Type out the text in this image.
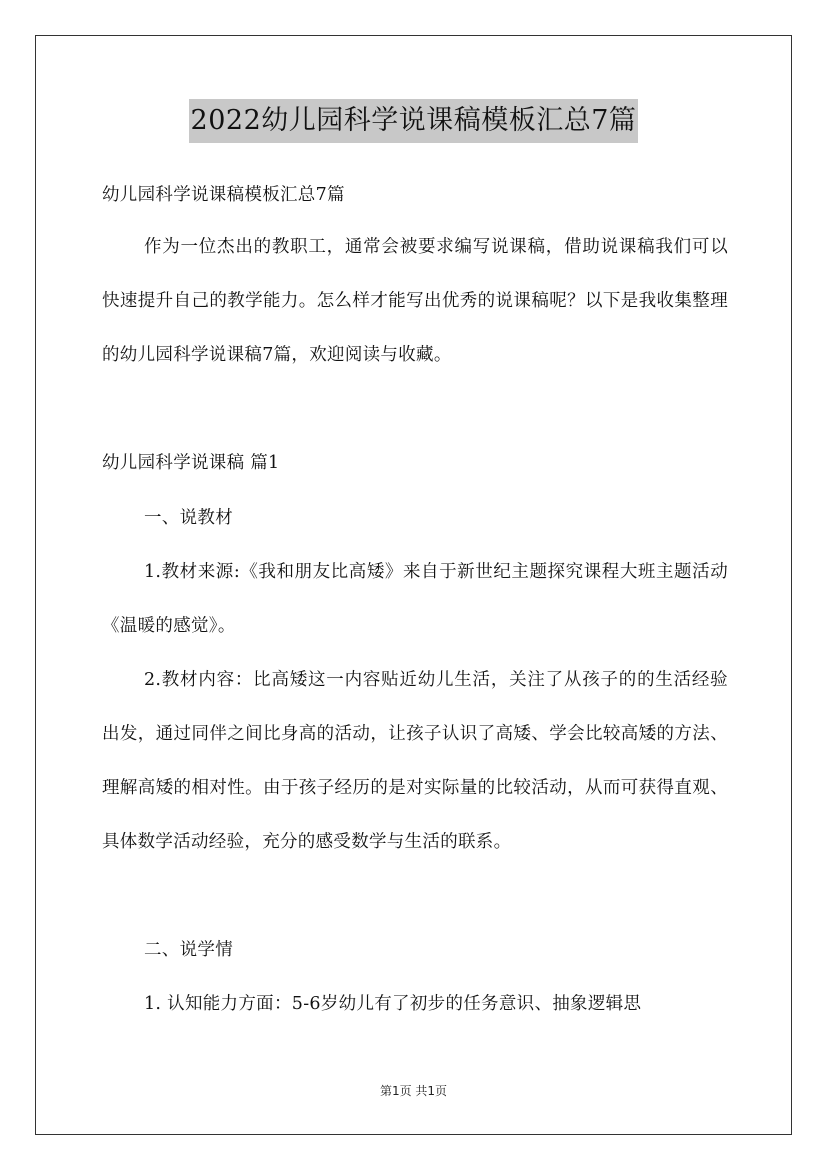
2022幼儿园科学说课稿模板汇总7篇

幼儿园科学说课稿模板汇总7篇

作为一位杰出的教职工，通常会被要求编写说课稿，借助说课稿我们可以快速提升自己的教学能力。怎么样才能写出优秀的说课稿呢？以下是我收集整理的幼儿园科学说课稿7篇，欢迎阅读与收藏。

幼儿园科学说课稿 篇1

一、说教材

1.教材来源:《我和朋友比高矮》来自于新世纪主题探究课程大班主题活动《温暖的感觉》。

2.教材内容：比高矮这一内容贴近幼儿生活，关注了从孩子的的生活经验出发，通过同伴之间比身高的活动，让孩子认识了高矮、学会比较高矮的方法、理解高矮的相对性。由于孩子经历的是对实际量的比较活动，从而可获得直观、具体数学活动经验，充分的感受数学与生活的联系。

二、说学情

1. 认知能力方面：5-6岁幼儿有了初步的任务意识、抽象逻辑思

第1页 共1页
